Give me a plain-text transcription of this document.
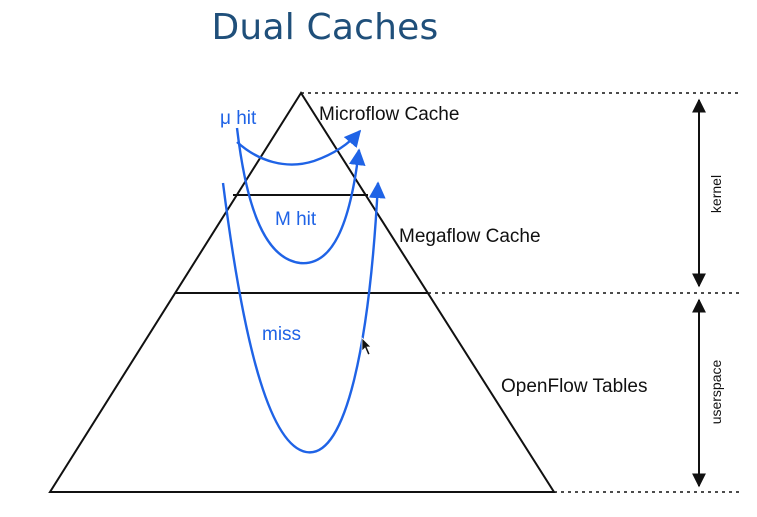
Dual Caches
kernel
userspace
Microflow Cache
Megaflow Cache
OpenFlow Tables
μ hit
M hit
miss
